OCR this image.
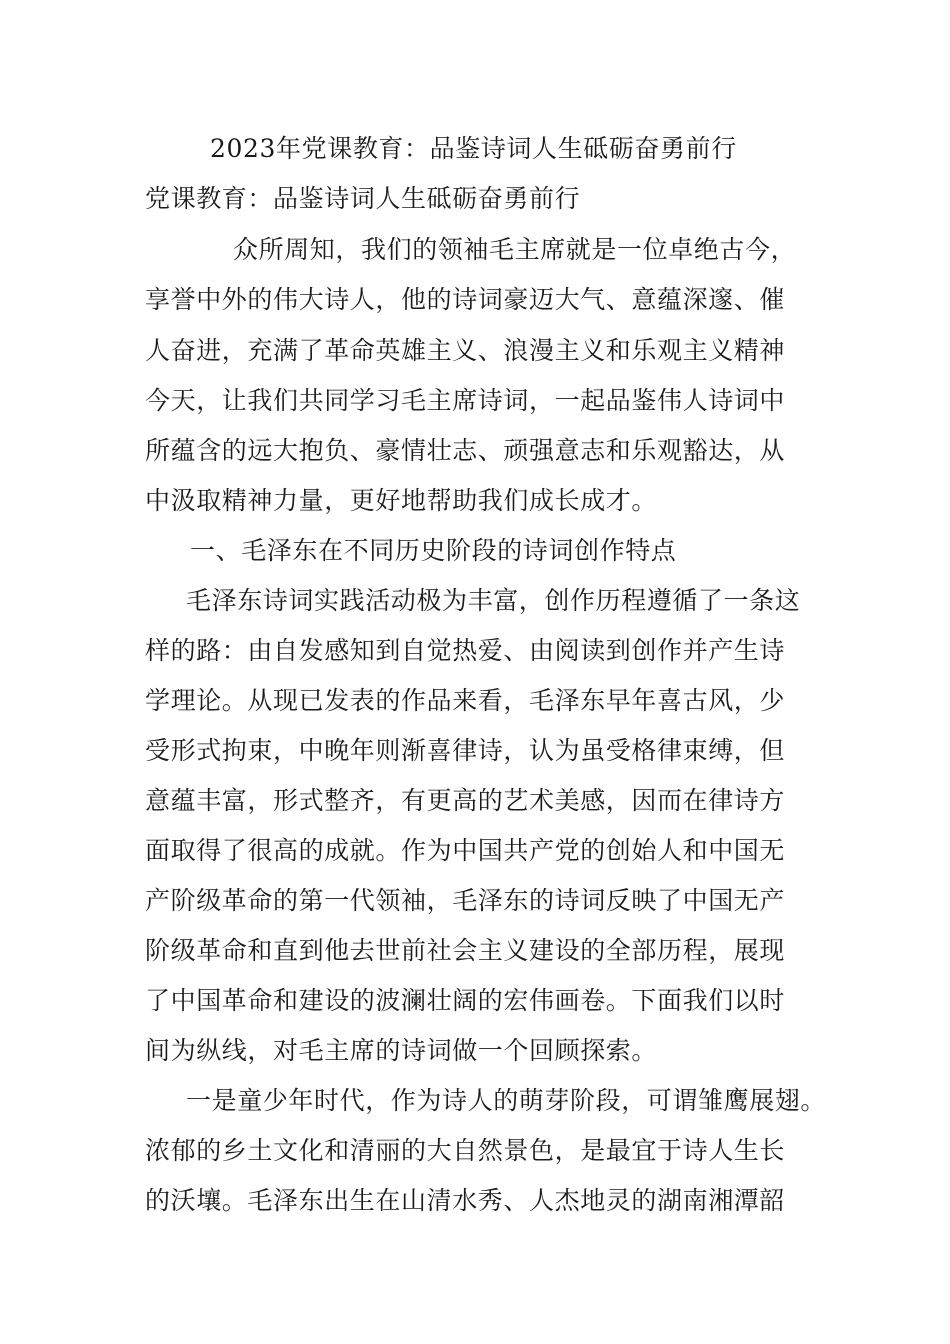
2023年党课教育：品鉴诗词人生砥砺奋勇前行
党课教育：品鉴诗词人生砥砺奋勇前行
众所周知，我们的领袖毛主席就是一位卓绝古今，
享誉中外的伟大诗人，他的诗词豪迈大气、意蕴深邃、催
人奋进，充满了革命英雄主义、浪漫主义和乐观主义精神
今天，让我们共同学习毛主席诗词，一起品鉴伟人诗词中
所蕴含的远大抱负、豪情壮志、顽强意志和乐观豁达，从
中汲取精神力量，更好地帮助我们成长成才。
一、毛泽东在不同历史阶段的诗词创作特点
毛泽东诗词实践活动极为丰富，创作历程遵循了一条这
样的路：由自发感知到自觉热爱、由阅读到创作并产生诗
学理论。从现已发表的作品来看，毛泽东早年喜古风，少
受形式拘束，中晚年则渐喜律诗，认为虽受格律束缚，但
意蕴丰富，形式整齐，有更高的艺术美感，因而在律诗方
面取得了很高的成就。作为中国共产党的创始人和中国无
产阶级革命的第一代领袖，毛泽东的诗词反映了中国无产
阶级革命和直到他去世前社会主义建设的全部历程，展现
了中国革命和建设的波澜壮阔的宏伟画卷。下面我们以时
间为纵线，对毛主席的诗词做一个回顾探索。
一是童少年时代，作为诗人的萌芽阶段，可谓雏鹰展翅。
浓郁的乡土文化和清丽的大自然景色，是最宜于诗人生长
的沃壤。毛泽东出生在山清水秀、人杰地灵的湖南湘潭韶
